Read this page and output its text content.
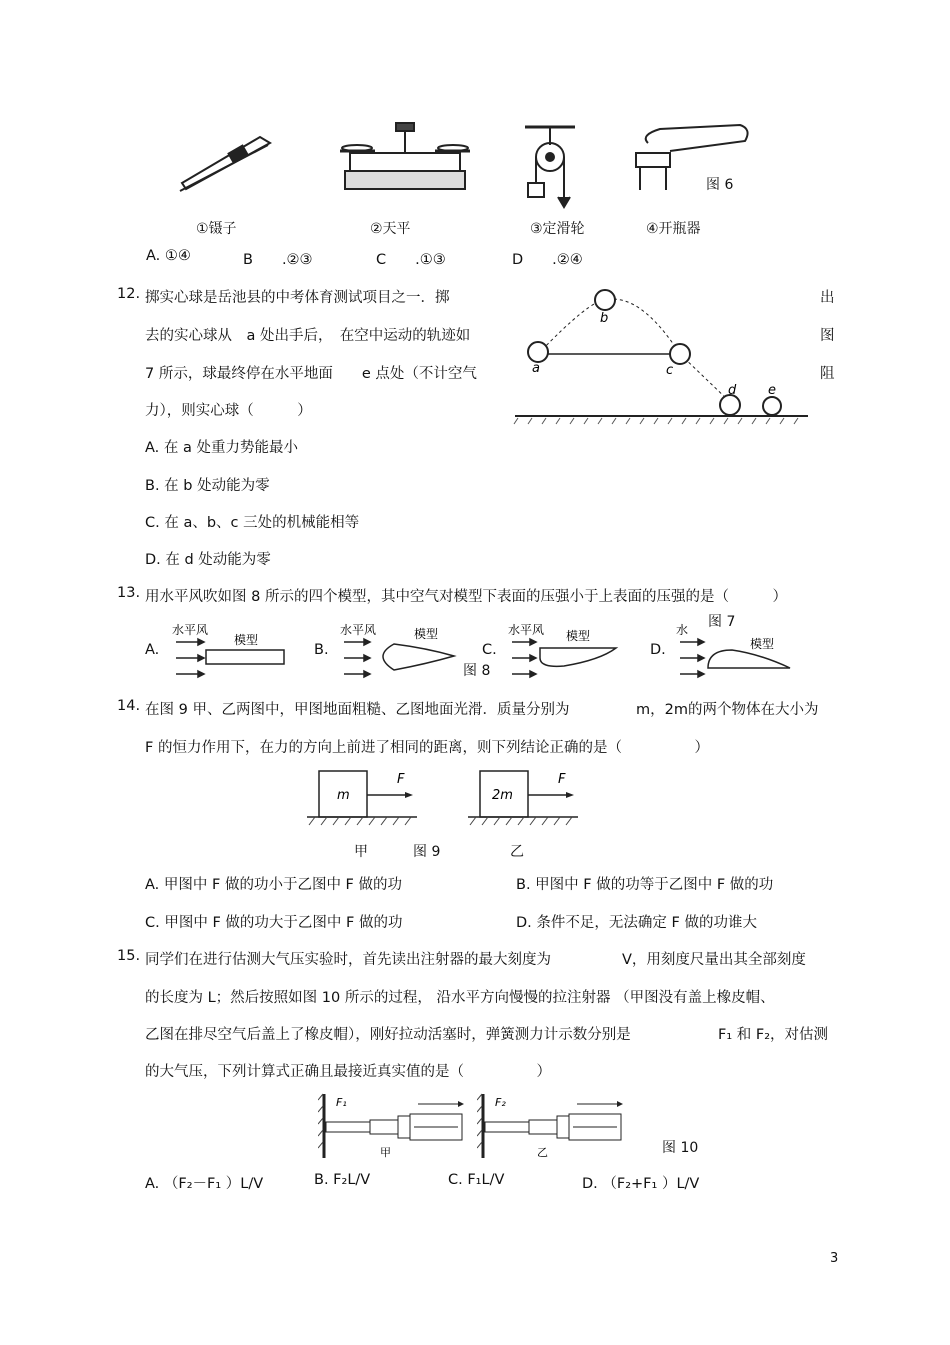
图 6
①镊子	②天平	③定滑轮	④开瓶器
A. ①④	B　　 .②③	C　　 .①③	D　　 .②④
12. 掷实心球是岳池县的中考体育测试项目之一．掷
去的实心球从　a 处出手后，　在空中运动的轨迹如
7 所示，球最终停在水平地面　　e 点处（不计空气
力），则实心球（　　　）
出
图
阻
a
b
c
d e
A. 在 a 处重力势能最小
B. 在 b 处动能为零
C. 在 a、b、c 三处的机械能相等
D. 在 d 处动能为零
13. 用水平风吹如图 8 所示的四个模型，其中空气对模型下表面的压强小于上表面的压强的是（　　　）
图 7
A.	B.	C.	D.
图 8
水平风
模型
水平风	模型	水平风 模型	水
模型
14. 在图 9 甲、乙两图中，甲图地面粗糙、乙图地面光滑．质量分别为	m，2m的两个物体在大小为
F 的恒力作用下，在力的方向上前进了相同的距离，则下列结论正确的是（　　　　　）
m
F
2m
F
甲	图 9	乙
A. 甲图中 F 做的功小于乙图中 F 做的功	B. 甲图中 F 做的功等于乙图中 F 做的功
C. 甲图中 F 做的功大于乙图中 F 做的功	D. 条件不足，无法确定 F 做的功谁大
15. 同学们在进行估测大气压实验时，首先读出注射器的最大刻度为	V，用刻度尺量出其全部刻度
的长度为 L；然后按照如图 10 所示的过程， 沿水平方向慢慢的拉注射器 （甲图没有盖上橡皮帽、
乙图在排尽空气后盖上了橡皮帽），刚好拉动活塞时，弹簧测力计示数分别是	F₁ 和 F₂，对估测
的大气压，下列计算式正确且最接近真实值的是（　　　　　）
F₁
甲
F₂
乙	图 10
A. （F₂－F₁ ）L/V	B. F₂L/V	C. F₁L/V	D. （F₂+F₁ ）L/V
3
